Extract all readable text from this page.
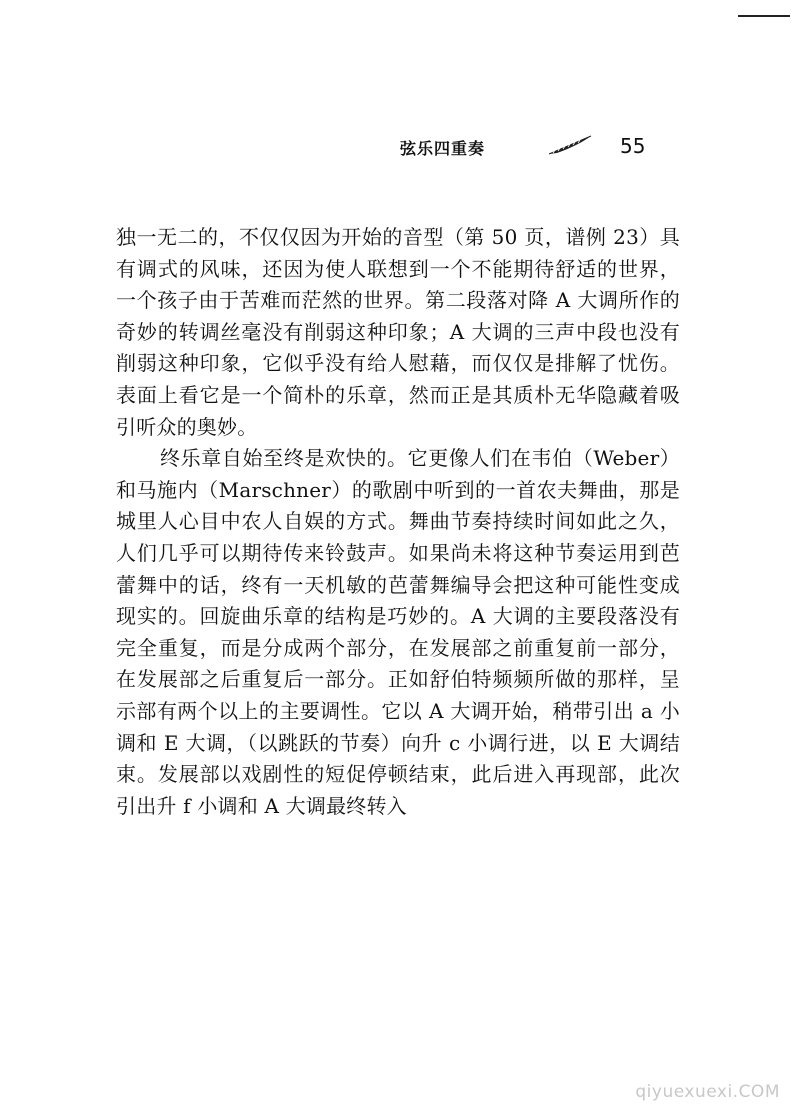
弦乐四重奏	55

独一无二的，不仅仅因为开始的音型（第 50 页，谱例 23）具有调式的风味，还因为使人联想到一个不能期待舒适的世界，一个孩子由于苦难而茫然的世界。第二段落对降 A 大调所作的奇妙的转调丝毫没有削弱这种印象；A 大调的三声中段也没有削弱这种印象，它似乎没有给人慰藉，而仅仅是排解了忧伤。表面上看它是一个简朴的乐章，然而正是其质朴无华隐藏着吸引听众的奥妙。

终乐章自始至终是欢快的。它更像人们在韦伯（Weber）和马施内（Marschner）的歌剧中听到的一首农夫舞曲，那是城里人心目中农人自娱的方式。舞曲节奏持续时间如此之久，人们几乎可以期待传来铃鼓声。如果尚未将这种节奏运用到芭蕾舞中的话，终有一天机敏的芭蕾舞编导会把这种可能性变成现实的。回旋曲乐章的结构是巧妙的。A 大调的主要段落没有完全重复，而是分成两个部分，在发展部之前重复前一部分，在发展部之后重复后一部分。正如舒伯特频频所做的那样，呈示部有两个以上的主要调性。它以 A 大调开始，稍带引出 a 小调和 E 大调，（以跳跃的节奏）向升 c 小调行进，以 E 大调结束。发展部以戏剧性的短促停顿结束，此后进入再现部，此次引出升 f 小调和 A 大调最终转入

qiyuexuexi.COM
